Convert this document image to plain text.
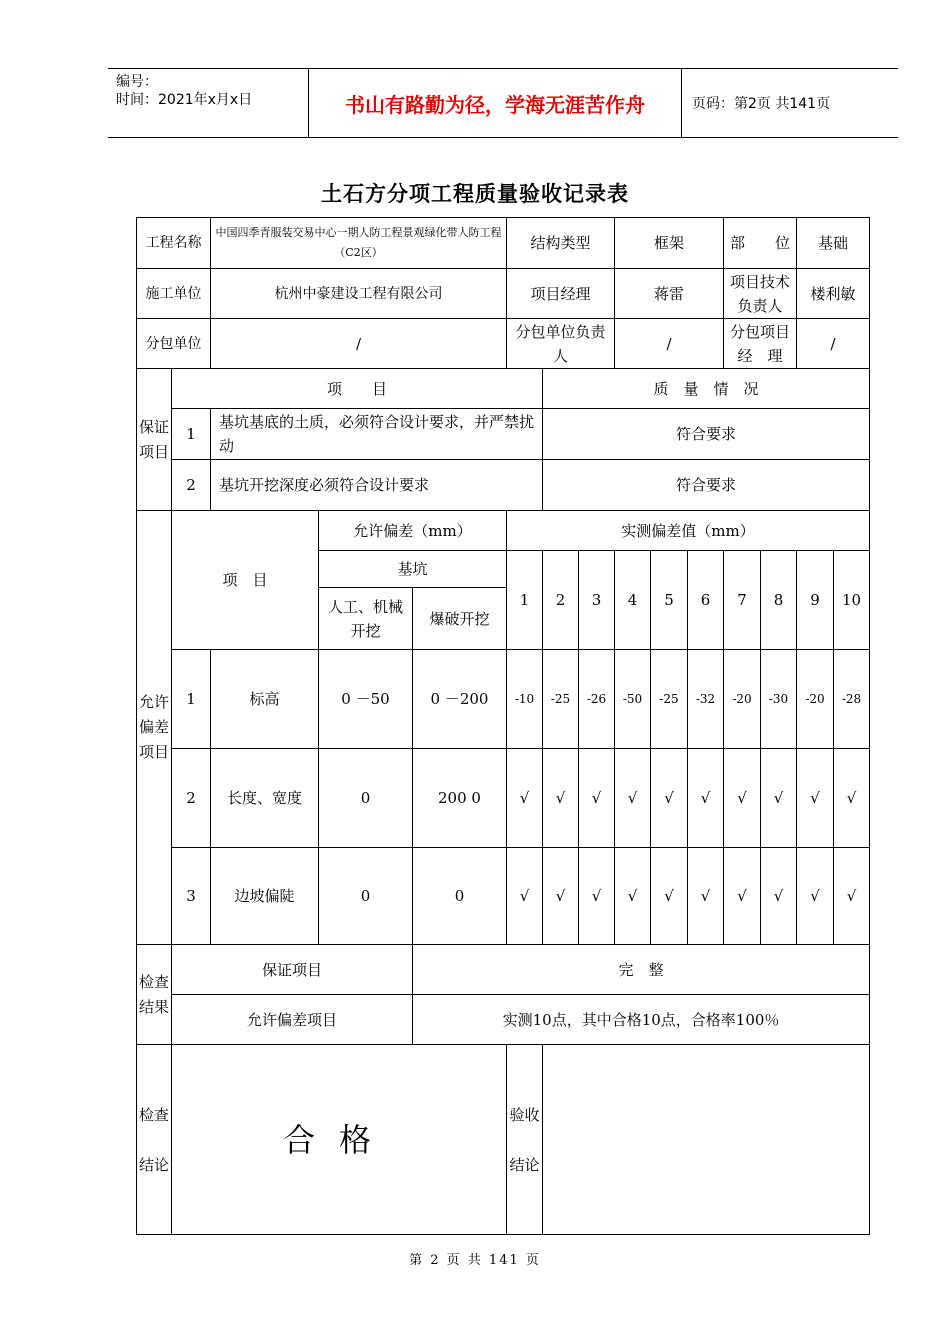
编号：
时间：2021年x月x日	书山有路勤为径，学海无涯苦作舟	页码：第2页 共141页
土石方分项工程质量验收记录表
工程名称		中国四季青服装交易中心一期人防工程景观绿化带人防工程（C2区）			结构类型			框架			部　　位		基础	
施工单位		杭州中豪建设工程有限公司			项目经理			蒋雷			项目技术负责人		楼利敏	
分包单位		/			分包单位负责人			/			分包项目经　理		/	
保证项目	项　　目					质　量　情　况								
	1	基坑基底的土质，必须符合设计要求，并严禁扰动				符合要求								
	2	基坑开挖深度必须符合设计要求				符合要求								
允许偏差项目	项　目		允许偏差（mm）		实测偏差值（mm）									
			基坑		1	2	3	4	5	6	7	8	9	10
			人工、机械开挖	爆破开挖										
	1	标高	0 －50	0 －200	-10	-25	-26	-50	-25	-32	-20	-30	-20	-28
	2	长度、宽度	0	200 0	√	√	√	√	√	√	√	√	√	√
	3	边坡偏陡	0	0	√	√	√	√	√	√	√	√	√	√
检查结果	保证项目			完　整										
	允许偏差项目			实测10点，其中合格10点，合格率100％										
检查结论	合格				验收结论									
第 2 页 共 141 页
